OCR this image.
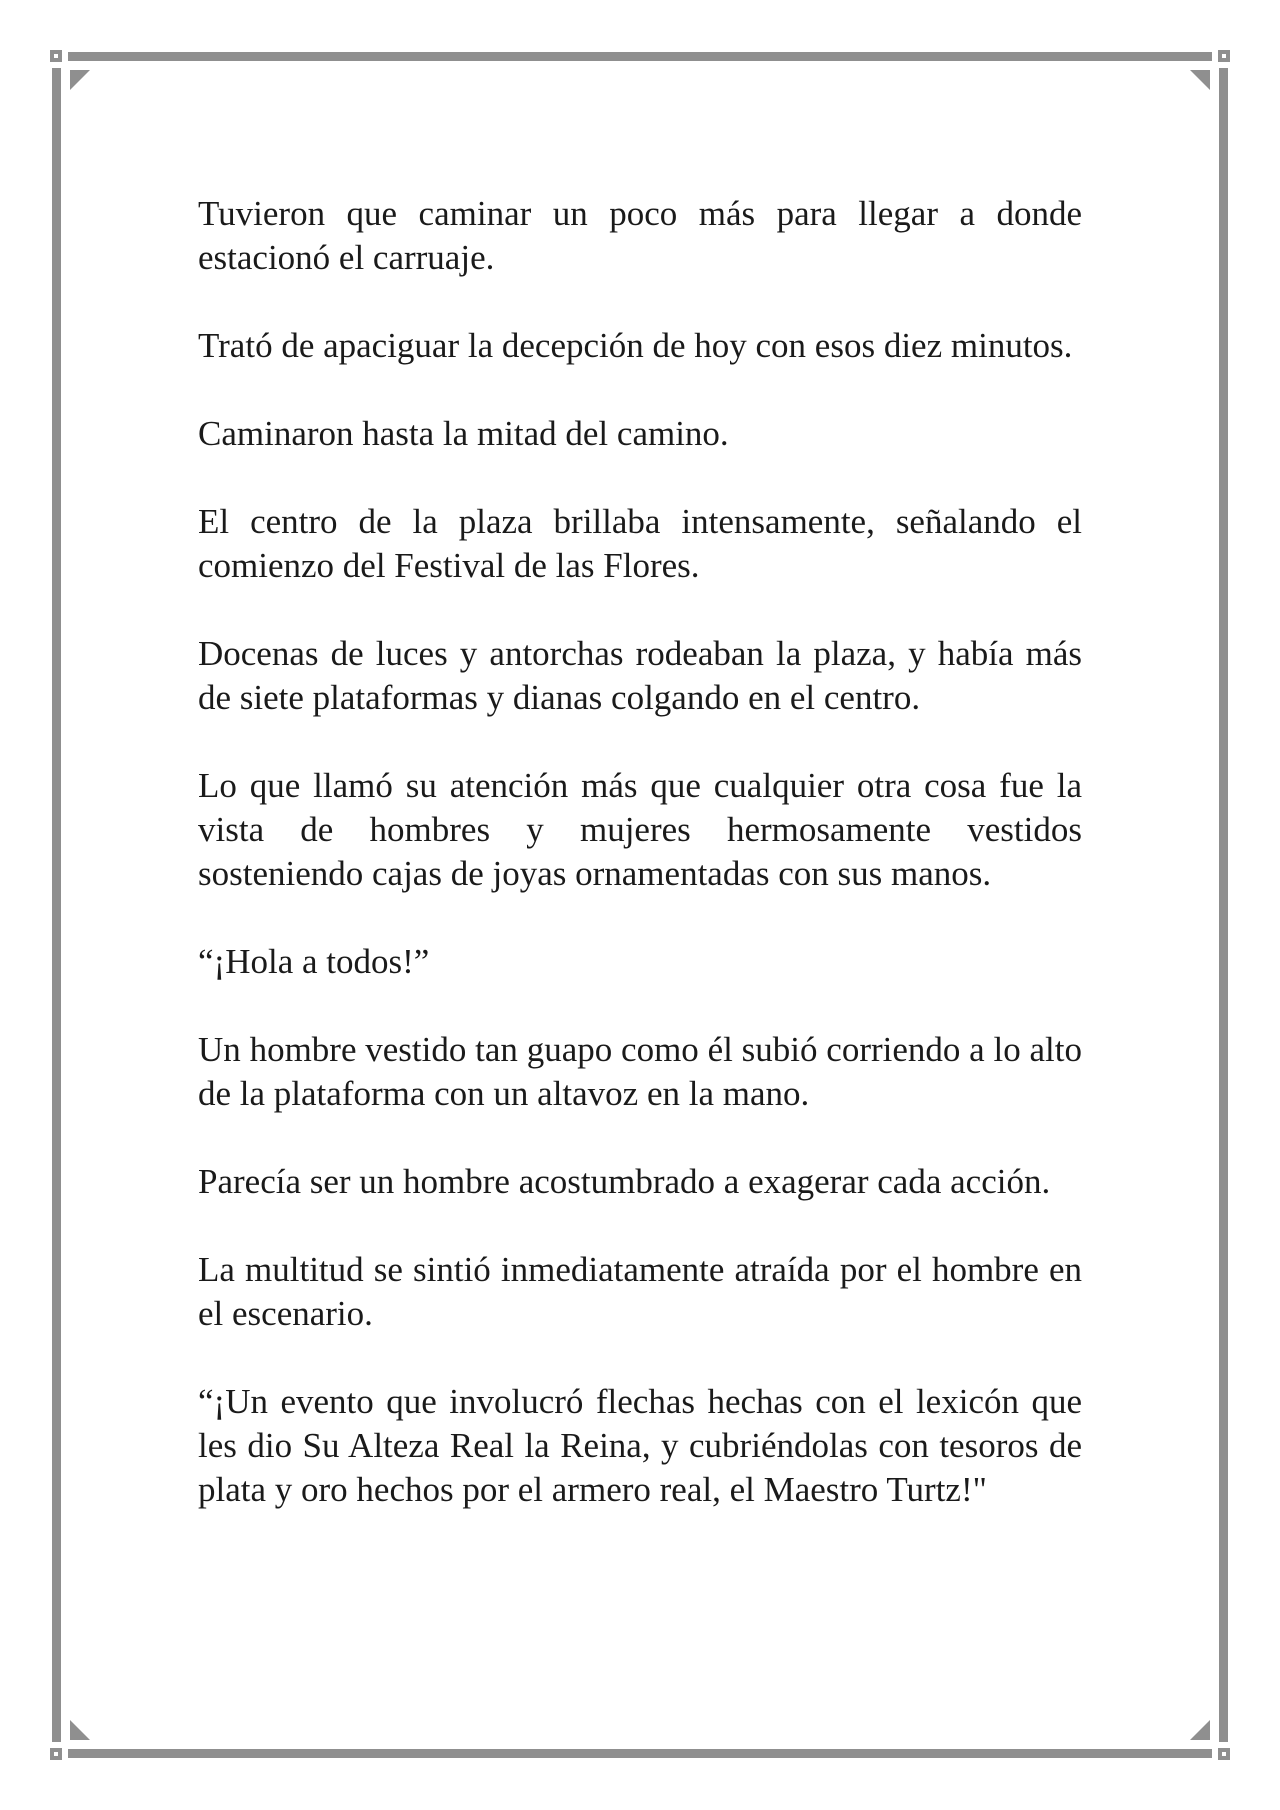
Tuvieron que caminar un poco más para llegar a donde estacionó el carruaje.

Trató de apaciguar la decepción de hoy con esos diez minutos.

Caminaron hasta la mitad del camino.

El centro de la plaza brillaba intensamente, señalando el comienzo del Festival de las Flores.

Docenas de luces y antorchas rodeaban la plaza, y había más de siete plataformas y dianas colgando en el centro.

Lo que llamó su atención más que cualquier otra cosa fue la vista de hombres y mujeres hermosamente vestidos sosteniendo cajas de joyas ornamentadas con sus manos.

“¡Hola a todos!”

Un hombre vestido tan guapo como él subió corriendo a lo alto de la plataforma con un altavoz en la mano.

Parecía ser un hombre acostumbrado a exagerar cada acción.

La multitud se sintió inmediatamente atraída por el hombre en el escenario.

“¡Un evento que involucró flechas hechas con el lexicón que les dio Su Alteza Real la Reina, y cubriéndolas con tesoros de plata y oro hechos por el armero real, el Maestro Turtz!"
